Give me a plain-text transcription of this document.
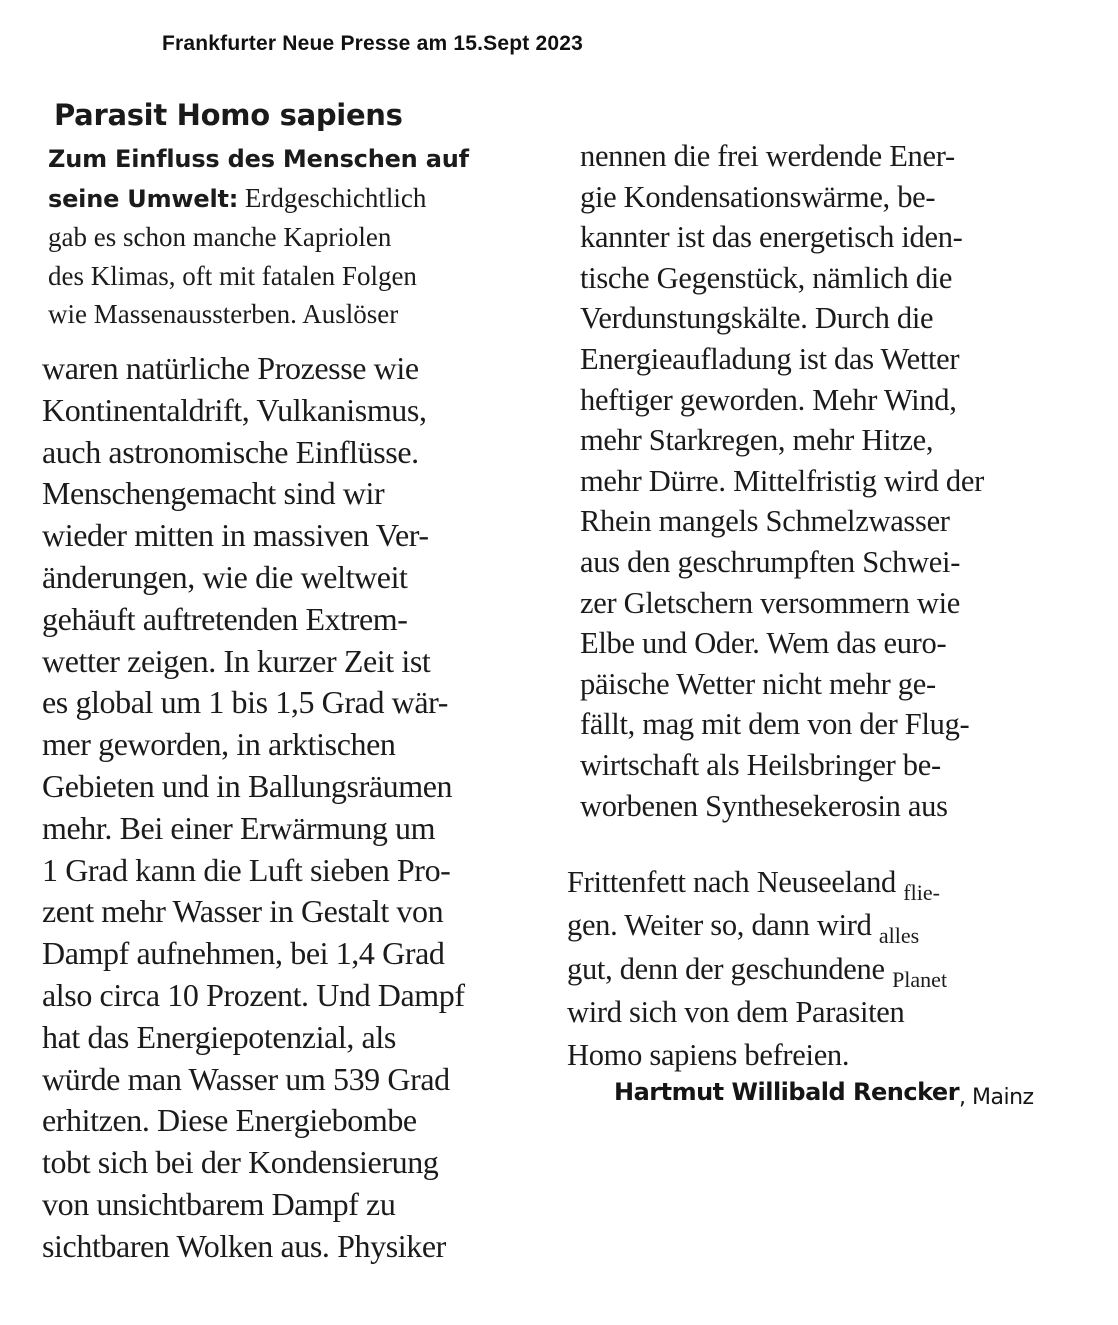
Frankfurter Neue Presse am 15.Sept 2023
Parasit Homo sapiens
Zum Einfluss des Menschen auf
seine Umwelt: Erdgeschichtlich
gab es schon manche Kapriolen
des Klimas, oft mit fatalen Folgen
wie Massenaussterben. Auslöser
waren natürliche Prozesse wie
Kontinentaldrift, Vulkanismus,
auch astronomische Einflüsse.
Menschengemacht sind wir
wieder mitten in massiven Ver-
änderungen, wie die weltweit
gehäuft auftretenden Extrem-
wetter zeigen. In kurzer Zeit ist
es global um 1 bis 1,5 Grad wär-
mer geworden, in arktischen
Gebieten und in Ballungsräumen
mehr. Bei einer Erwärmung um
1 Grad kann die Luft sieben Pro-
zent mehr Wasser in Gestalt von
Dampf aufnehmen, bei 1,4 Grad
also circa 10 Prozent. Und Dampf
hat das Energiepotenzial, als
würde man Wasser um 539 Grad
erhitzen. Diese Energiebombe
tobt sich bei der Kondensierung
von unsichtbarem Dampf zu
sichtbaren Wolken aus. Physiker
nennen die frei werdende Ener-
gie Kondensationswärme, be-
kannter ist das energetisch iden-
tische Gegenstück, nämlich die
Verdunstungskälte. Durch die
Energieaufladung ist das Wetter
heftiger geworden. Mehr Wind,
mehr Starkregen, mehr Hitze,
mehr Dürre. Mittelfristig wird der
Rhein mangels Schmelzwasser
aus den geschrumpften Schwei-
zer Gletschern versommern wie
Elbe und Oder. Wem das euro-
päische Wetter nicht mehr ge-
fällt, mag mit dem von der Flug-
wirtschaft als Heilsbringer be-
worbenen Synthesekerosin aus
Frittenfett nach Neuseeland $_{flie-}$
gen. Weiter so, dann wird $_{alles}$
gut, denn der geschundene $_{Planet}$
wird sich von dem Parasiten
Homo sapiens befreien.
Hartmut Willibald Rencker, Mainz
